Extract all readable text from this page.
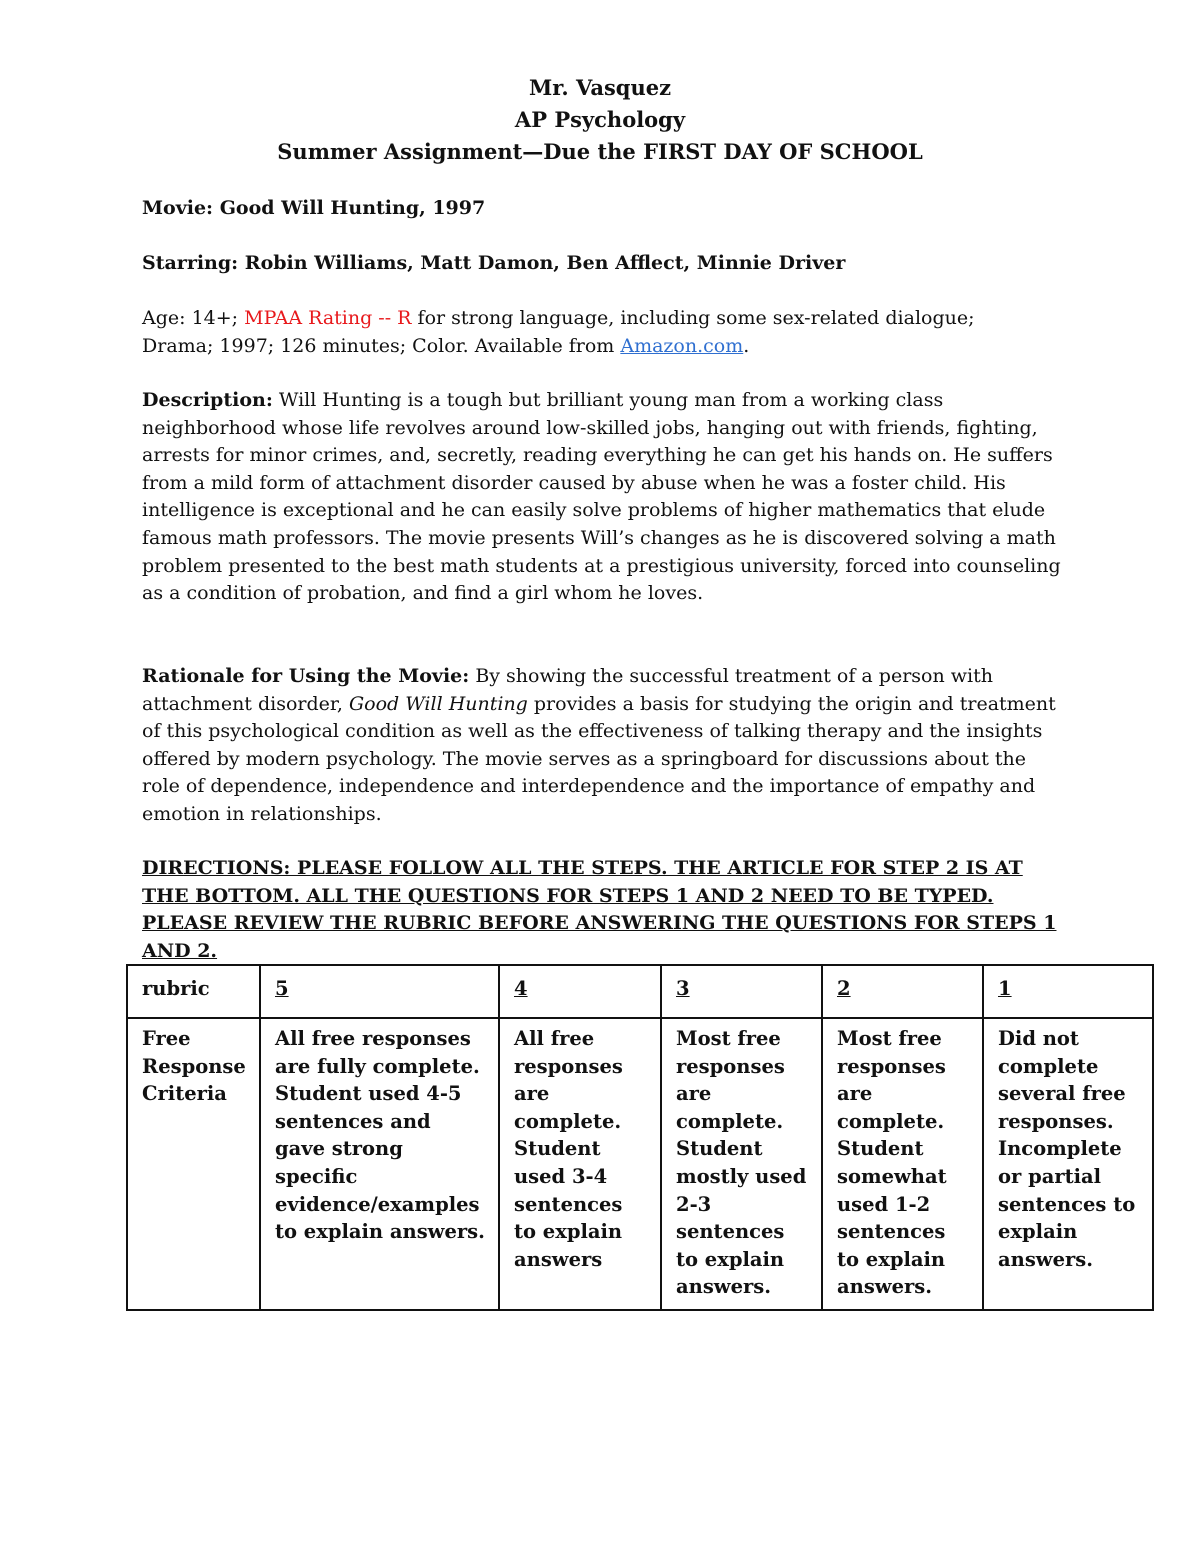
Mr. Vasquez
AP Psychology
Summer Assignment—Due the FIRST DAY OF SCHOOL
Movie: Good Will Hunting, 1997
Starring: Robin Williams, Matt Damon, Ben Afflect, Minnie Driver
Age: 14+; MPAA Rating -- R for strong language, including some sex-related dialogue;
Drama; 1997; 126 minutes; Color. Available from Amazon.com.
Description: Will Hunting is a tough but brilliant young man from a working class neighborhood whose life revolves around low-skilled jobs, hanging out with friends, fighting, arrests for minor crimes, and, secretly, reading everything he can get his hands on. He suffers from a mild form of attachment disorder caused by abuse when he was a foster child. His intelligence is exceptional and he can easily solve problems of higher mathematics that elude famous math professors. The movie presents Will’s changes as he is discovered solving a math problem presented to the best math students at a prestigious university, forced into counseling as a condition of probation, and find a girl whom he loves.
Rationale for Using the Movie: By showing the successful treatment of a person with attachment disorder, Good Will Hunting provides a basis for studying the origin and treatment of this psychological condition as well as the effectiveness of talking therapy and the insights offered by modern psychology. The movie serves as a springboard for discussions about the role of dependence, independence and interdependence and the importance of empathy and emotion in relationships.
DIRECTIONS: PLEASE FOLLOW ALL THE STEPS. THE ARTICLE FOR STEP 2 IS AT THE BOTTOM. ALL THE QUESTIONS FOR STEPS 1 AND 2 NEED TO BE TYPED. PLEASE REVIEW THE RUBRIC BEFORE ANSWERING THE QUESTIONS FOR STEPS 1 AND 2.
rubric	5	4	3	2	1
Free Response Criteria	All free responses are fully complete. Student used 4-5 sentences and gave strong specific evidence/examples to explain answers.	All free responses are complete. Student used 3-4 sentences to explain answers	Most free responses are complete. Student mostly used 2-3 sentences to explain answers.	Most free responses are complete. Student somewhat used 1-2 sentences to explain answers.	Did not complete several free responses. Incomplete or partial sentences to explain answers.
